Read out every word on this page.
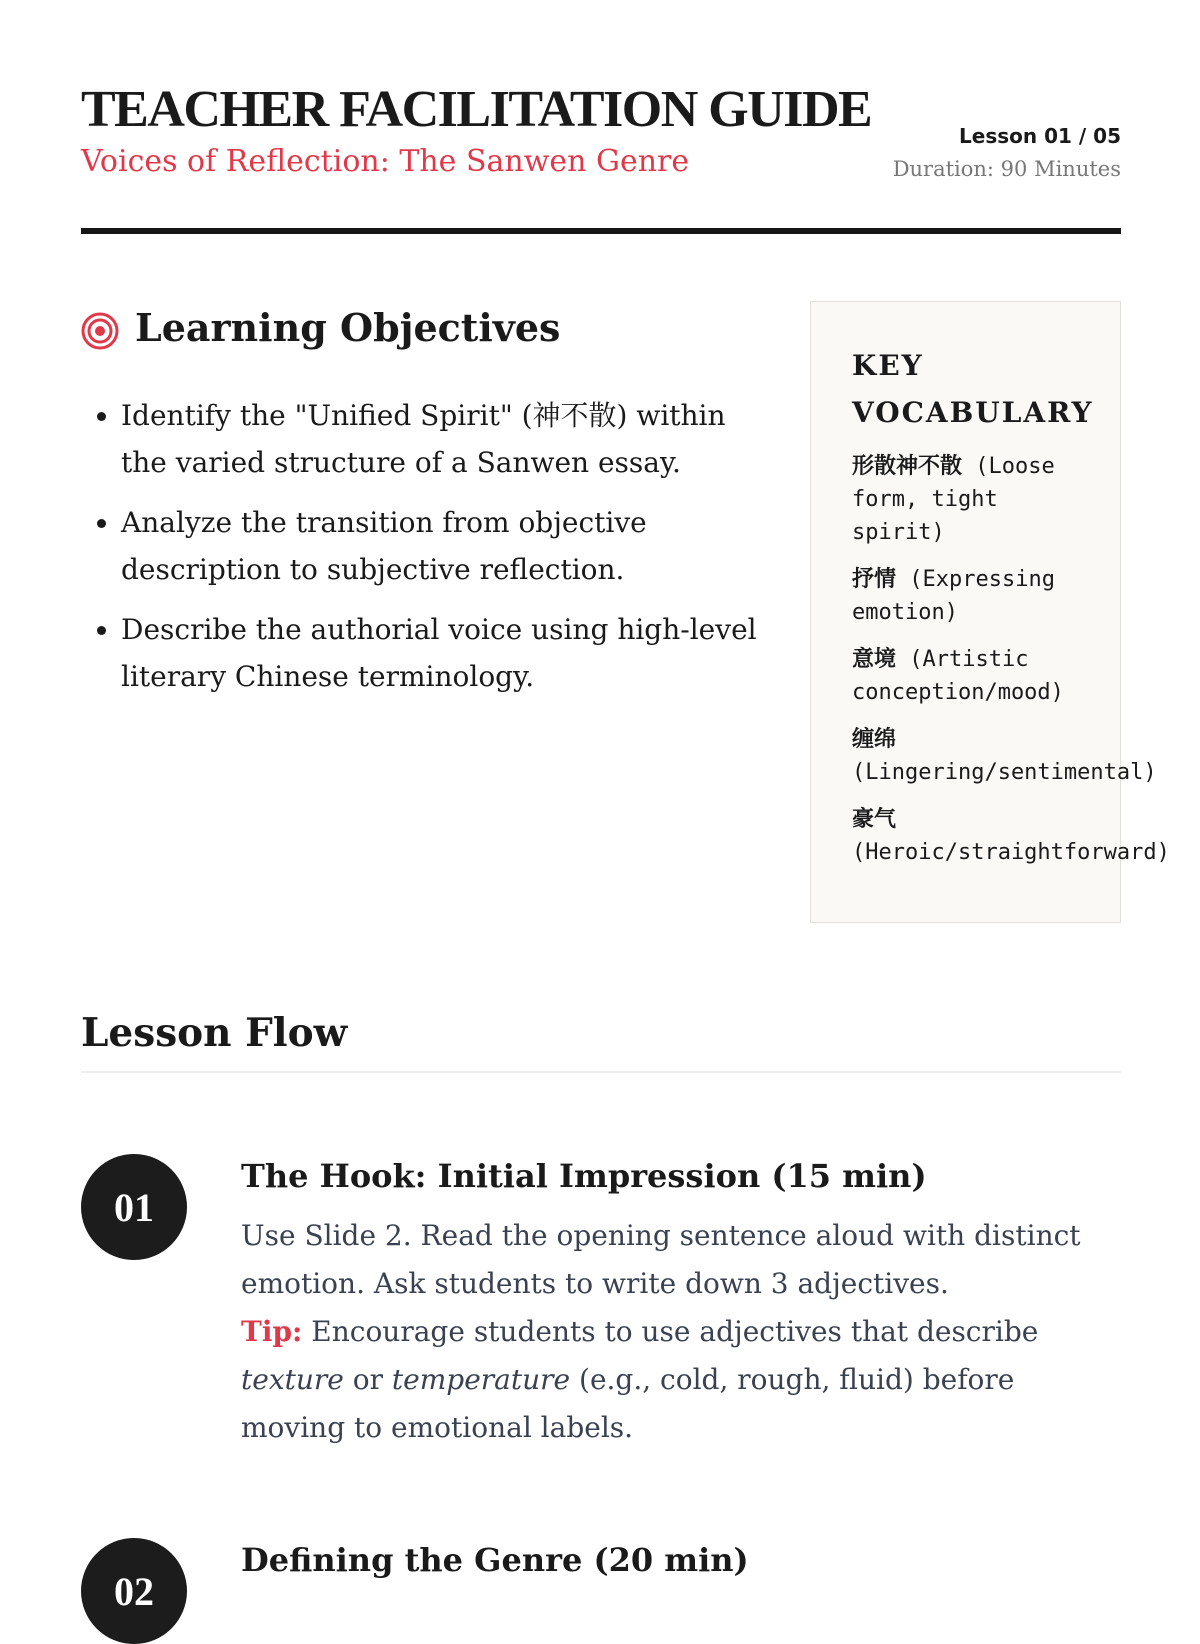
TEACHER FACILITATION GUIDE
Voices of Reflection: The Sanwen Genre
Lesson 01 / 05
Duration: 90 Minutes
Learning Objectives
• Identify the "Unified Spirit" (神不散) within the varied structure of a Sanwen essay.
• Analyze the transition from objective description to subjective reflection.
• Describe the authorial voice using high-level literary Chinese terminology.
KEY VOCABULARY
形散神不散 (Loose form, tight spirit)
抒情 (Expressing emotion)
意境 (Artistic conception/mood)
缠绵
(Lingering/sentimental)
豪气
(Heroic/straightforward)
Lesson Flow
01
The Hook: Initial Impression (15 min)
Use Slide 2. Read the opening sentence aloud with distinct emotion. Ask students to write down 3 adjectives.
Tip: Encourage students to use adjectives that describe texture or temperature (e.g., cold, rough, fluid) before moving to emotional labels.
02
Defining the Genre (20 min)
